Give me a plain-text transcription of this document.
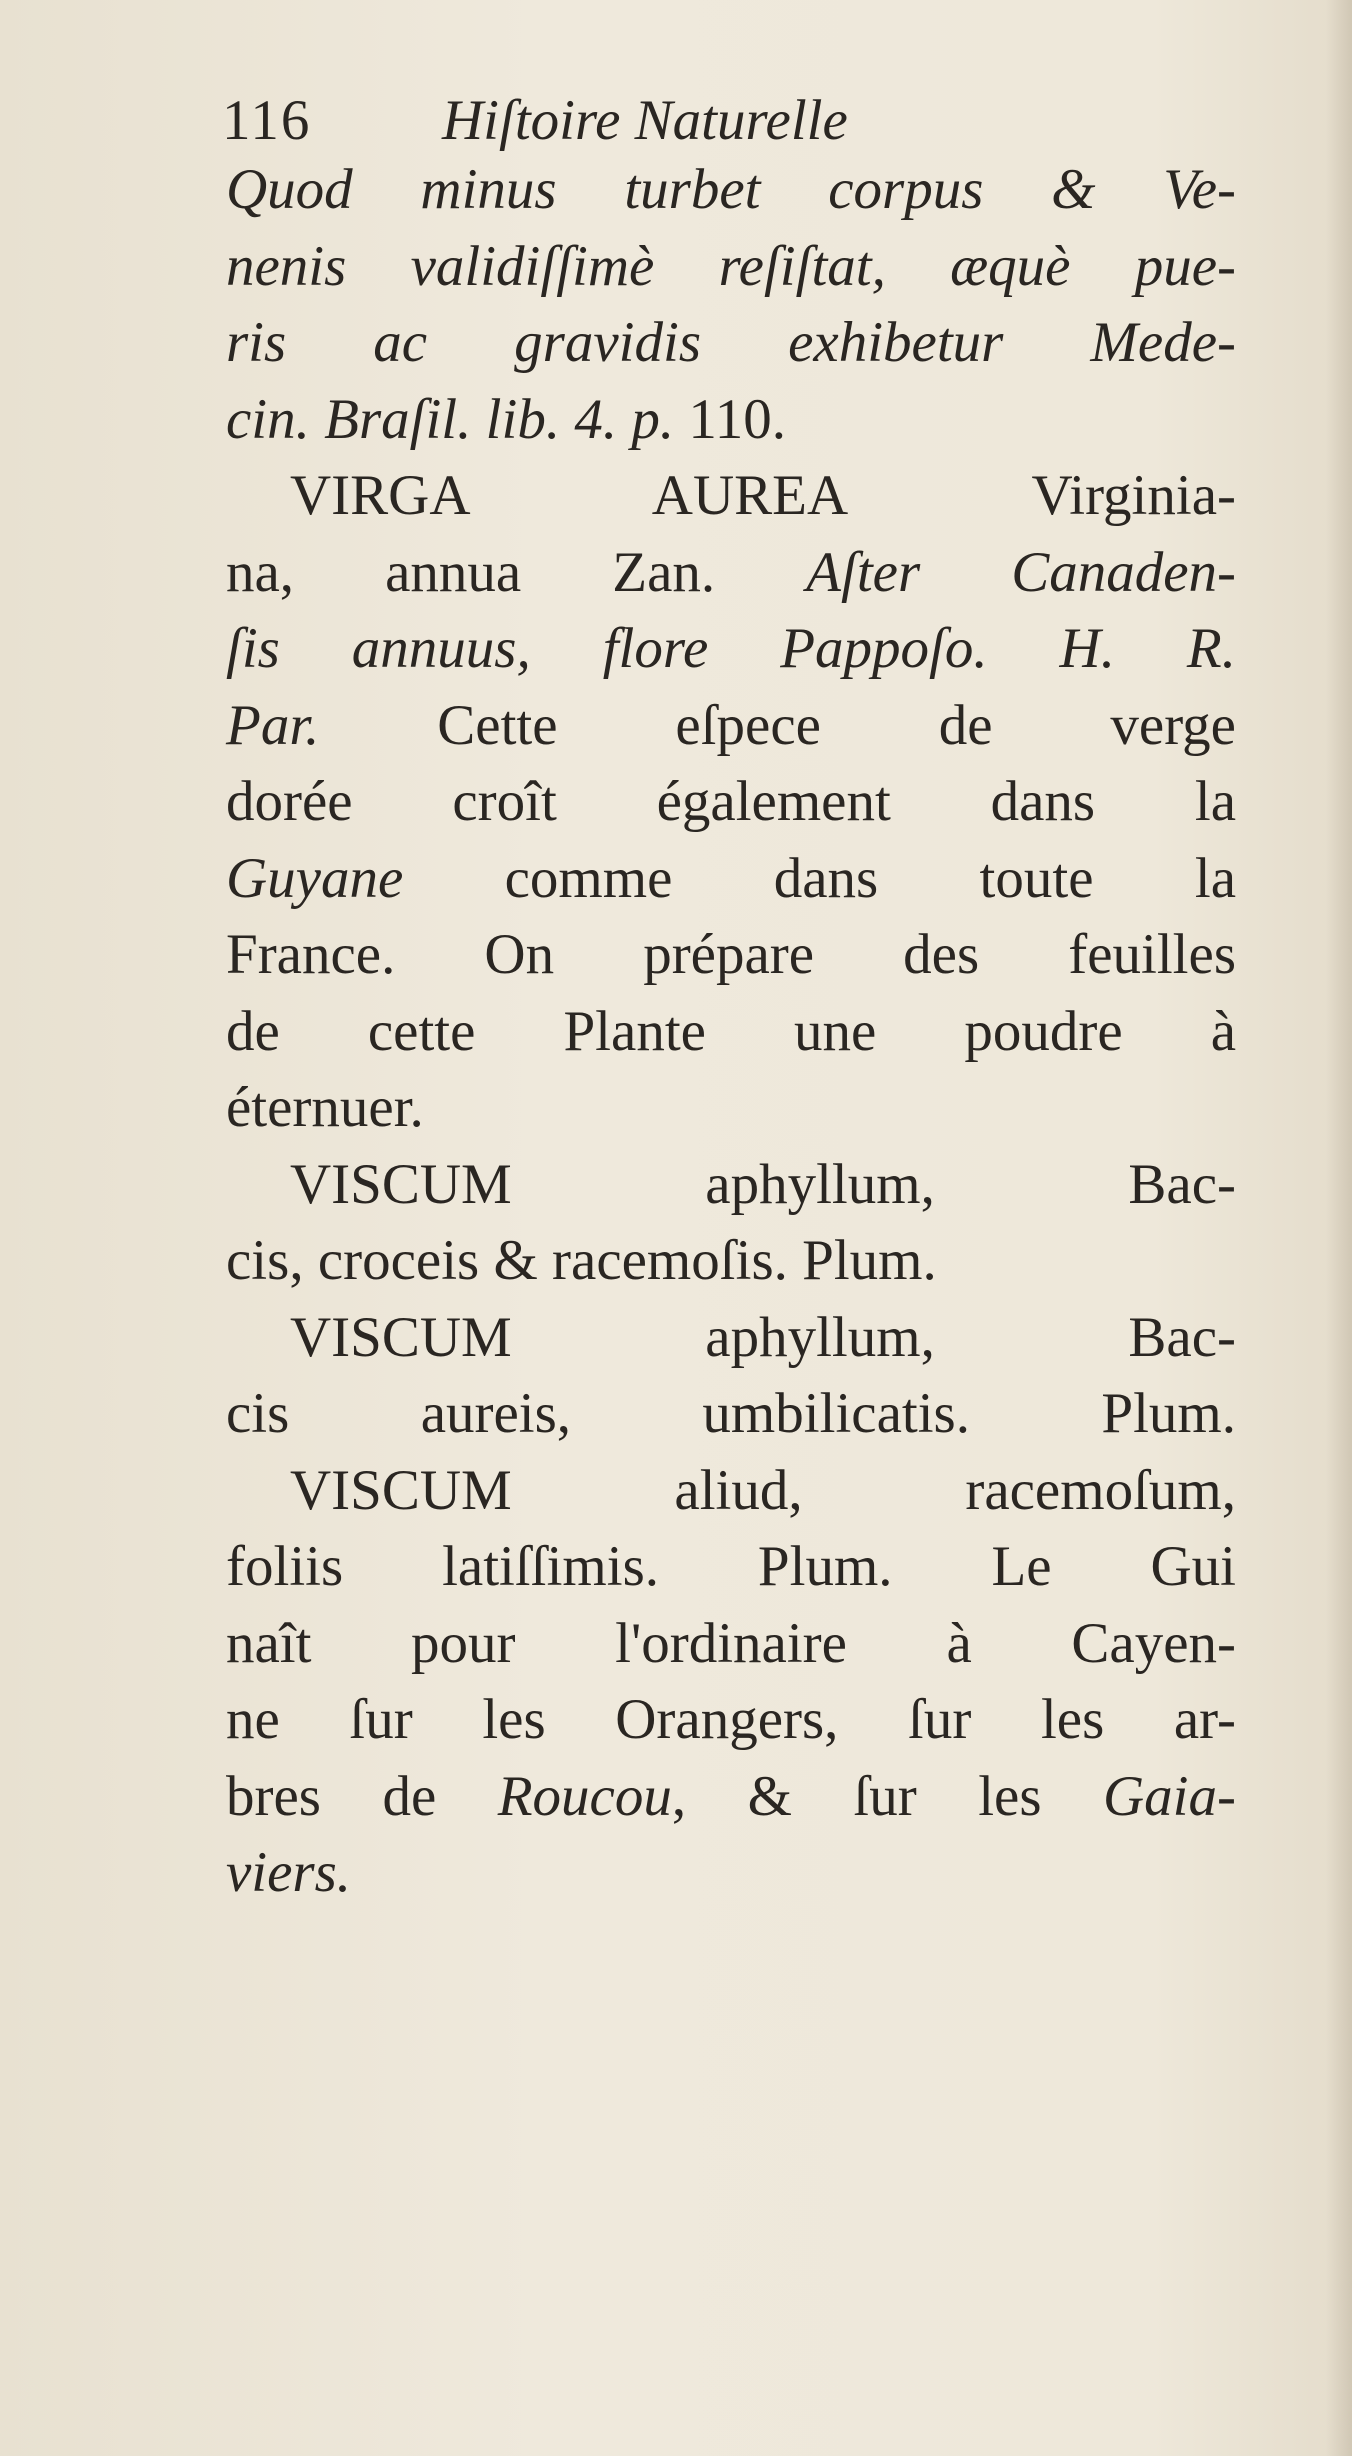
116 Hiſtoire Naturelle
Quod minus turbet corpus & Ve-
nenis validiſſimè reſiſtat, æquè pue-
ris ac gravidis exhibetur Mede-
cin. Braſil. lib. 4. p. 110.
VIRGA AUREA Virginia-
na, annua Zan. Aſter Canaden-
ſis annuus, flore Pappoſo. H. R.
Par. Cette eſpece de verge
dorée croît également dans la
Guyane comme dans toute la
France. On prépare des feuilles
de cette Plante une poudre à
éternuer.
VISCUM aphyllum, Bac-
cis, croceis & racemoſis. Plum.
VISCUM aphyllum, Bac-
cis aureis, umbilicatis. Plum.
VISCUM aliud, racemoſum,
foliis latiſſimis. Plum. Le Gui
naît pour l'ordinaire à Cayen-
ne ſur les Orangers, ſur les ar-
bres de Roucou, & ſur les Gaia-
viers.
